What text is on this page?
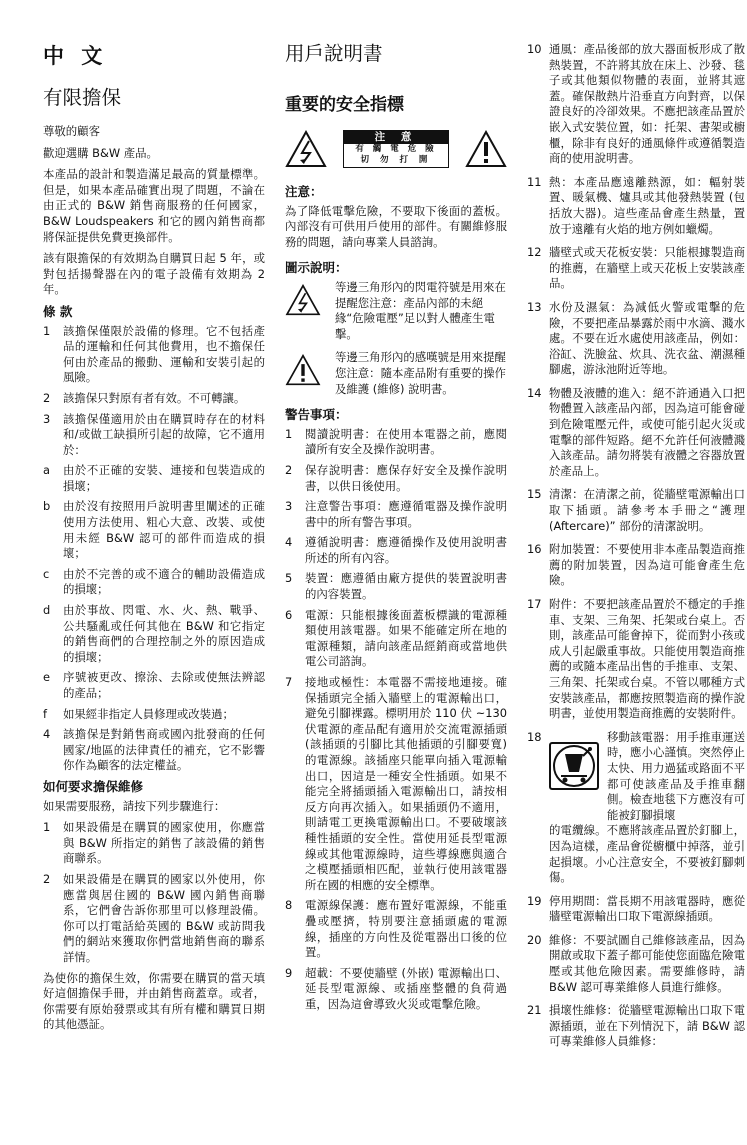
中 文
有限擔保

尊敬的顧客

歡迎選購 B&W 產品。

本產品的設計和製造滿足最高的質量標準。但是，如果本產品確實出現了問題，不論在由正式的 B&W 銷售商服務的任何國家，B&W Loudspeakers 和它的國內銷售商都將保証提供免費更換部件。

該有限擔保的有效期為自購買日起 5 年，或對包括揚聲器在內的電子設備有效期為 2 年。

條 款
1	該擔保僅限於設備的修理。它不包括產品的運輸和任何其他費用，也不擔保任何由於產品的搬動、運輸和安裝引起的風險。
2	該擔保只對原有者有效。不可轉讓。
3	該擔保僅適用於由在購買時存在的材料和/或做工缺損所引起的故障，它不適用於：
a	由於不正確的安裝、連接和包裝造成的損壞；
b	由於沒有按照用戶說明書里闡述的正確使用方法使用、粗心大意、改裝、或使用未經 B&W 認可的部件而造成的損壞；
c	由於不完善的或不適合的輔助設備造成的損壞；
d	由於事故、閃電、水、火、熱、戰爭、公共騷亂或任何其他在 B&W 和它指定的銷售商們的合理控制之外的原因造成的損壞；
e	序號被更改、擦涂、去除或使無法辨認的產品；
f	如果經非指定人員修理或改裝過；
4	該擔保是對銷售商或國內批發商的任何國家/地區的法律責任的補充，它不影響你作為顧客的法定權益。
如何要求擔保維修

如果需要服務，請按下列步驟進行：

1	如果設備是在購買的國家使用，你應當與 B&W 所指定的銷售了該設備的銷售商聯系。
2	如果設備是在購買的國家以外使用，你應當與居住國的 B&W 國內銷售商聯系，它們會告訴你那里可以修理設備。你可以打電話給英國的 B&W 或訪問我們的網站來獲取你們當地銷售商的聯系詳情。

為使你的擔保生效，你需要在購買的當天填好這個擔保手冊，并由銷售商蓋章。或者，你需要有原始發票或其有所有權和購買日期的其他憑証。

用戶說明書
重要的安全指標
注 意
有 觸 電 危 險
切 勿 打 開
注意：

為了降低電擊危險，不要取下後面的蓋板。內部沒有可供用戶使用的部件。有關維修服務的問題，請向專業人員諮詢。

圖示說明：
等邊三角形內的閃電符號是用來在提醒您注意：產品內部的未絕緣“危險電壓”足以對人體產生電擊。
等邊三角形內的感嘆號是用來提醒您注意：隨本產品附有重要的操作及維護 (維修) 說明書。
警告事項：
1	閱讀說明書：在使用本電器之前，應閱讀所有安全及操作說明書。
2	保存說明書：應保存好安全及操作說明書，以供日後使用。
3	注意警告事項：應遵循電器及操作說明書中的所有警告事項。
4	遵循說明書：應遵循操作及使用說明書所述的所有內容。
5	裝置：應遵循由廠方提供的裝置說明書的內容裝置。
6	電源：只能根據後面蓋板標識的電源種類使用該電器。如果不能確定所在地的電源種類，請向該產品經銷商或當地供電公司諮詢。
7	接地或極性：本電器不需接地連接。確保插頭完全插入牆壁上的電源輸出口，避免引腳裸露。標明用於 110 伏 ~130 伏電源的產品配有適用於交流電源插頭 (該插頭的引腳比其他插頭的引腳要寬) 的電源線。該插座只能單向插入電源輸出口，因這是一種安全性插頭。如果不能完全將插頭插入電源輸出口，請按相反方向再次插入。如果插頭仍不適用，則請電工更換電源輸出口。不要破壞該種性插頭的安全性。當使用延長型電源線或其他電源線時，這些導線應與適合之模壓插頭相匹配，並執行使用該電器所在國的相應的安全標準。
8	電源線保護：應布置好電源線，不能重疊或壓擠，特別要注意插頭處的電源線，插座的方向性及從電器出口後的位置。
9	超載：不要使牆壁 (外嵌) 電源輸出口、延長型電源線、或插座整體的負荷過重，因為這會導致火災或電擊危險。
10 通風：產品後部的放大器面板形成了散熱裝置，不許將其放在床上、沙發、毯子或其他類似物體的表面，並將其遮蓋。確保散熱片沿垂直方向對齊，以保證良好的冷卻效果。不應把該產品置於嵌入式安裝位置，如：托架、書架或櫥櫃，除非有良好的通風條件或遵循製造商的使用說明書。
11 熱：本產品應遠離熱源，如：輻射裝置、暖氣機、爐具或其他發熱裝置 (包括放大器)。這些產品會產生熱量，置放于遠離有火焰的地方例如蠟燭。
12 牆壁式或天花板安裝：只能根據製造商的推薦，在牆壁上或天花板上安裝該產品。
13 水份及濕氣：為減低火警或電擊的危險，不要把產品暴露於雨中水滴、濺水處。不要在近水處使用該產品，例如：浴缸、洗臉盆、炊具、洗衣盆、潮濕種腳處，游泳池附近等地。
14 物體及液體的進入：絕不許通過入口把物體置入該產品內部，因為這可能會碰到危險電壓元件，或使可能引起火災或電擊的部件短路。絕不允許任何液體濺入該產品。請勿將裝有液體之容器放置於產品上。
15 清潔：在清潔之前，從牆壁電源輸出口取下插頭。請參考本手冊之“護理 (Aftercare)” 部份的清潔說明。
16 附加裝置：不要使用非本產品製造商推薦的附加裝置，因為這可能會產生危險。
17 附件：不要把該產品置於不穩定的手推車、支架、三角架、托架或台桌上。否則，該產品可能會掉下，從而對小孩或成人引起嚴重事故。只能使用製造商推薦的或隨本產品出售的手推車、支架、三角架、托架或台桌。不管以哪種方式安裝該產品，都應按照製造商的操作說明書，並使用製造商推薦的安裝附件。
18	移動該電器：用手推車運送時，應小心謹慎。突然停止太快、用力過猛或路面不平都可使該產品及手推車翻側。檢查地毯下方應沒有可能被釘腳損壞
的電纜線。不應將該產品置於釘腳上，因為這樣，產品會從櫥櫃中掉落，並引起損壞。小心注意安全，不要被釘腳刺傷。
19 停用期間：當長期不用該電器時，應從牆壁電源輸出口取下電源線插頭。
20 維修：不要試圖自己維修該產品，因為開啟或取下蓋子都可能使您面臨危險電壓或其他危險因素。需要維修時，請 B&W 認可專業維修人員進行維修。
21 損壞性維修：從牆壁電源輸出口取下電源插頭，並在下列情況下，請 B&W 認可專業維修人員維修：
